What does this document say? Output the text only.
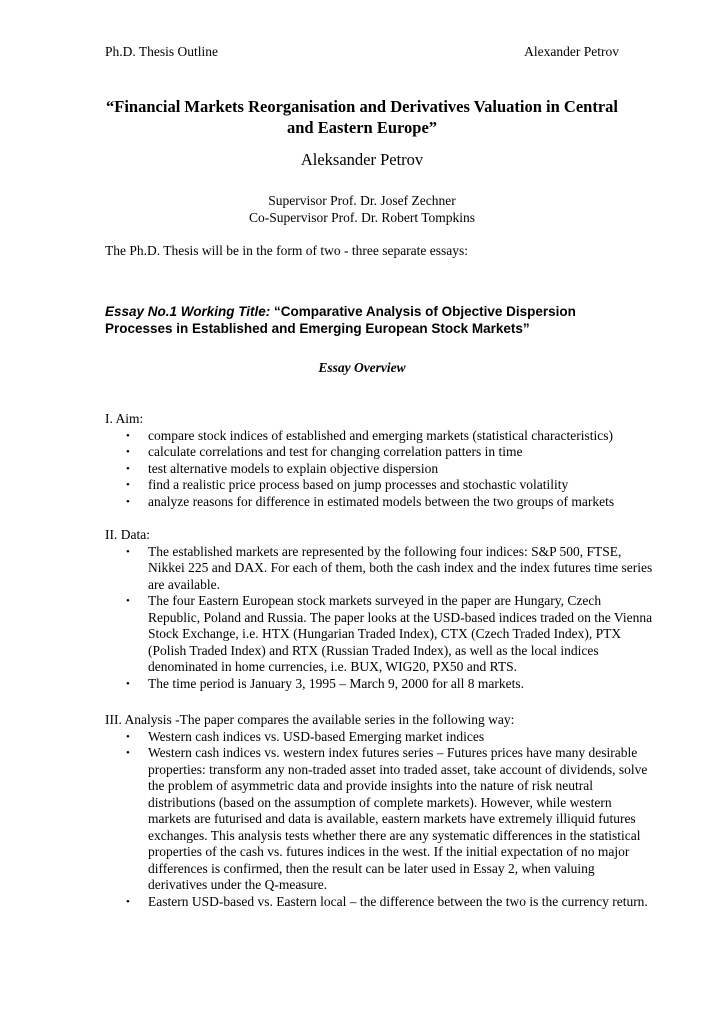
Ph.D. Thesis Outline	Alexander Petrov
“Financial Markets Reorganisation and Derivatives Valuation in Central and Eastern Europe”
Aleksander Petrov
Supervisor Prof. Dr. Josef Zechner
Co-Supervisor Prof. Dr. Robert Tompkins
The Ph.D. Thesis will be in the form of two - three separate essays:
Essay No.1 Working Title: “Comparative Analysis of Objective Dispersion Processes in Established and Emerging European Stock Markets”
Essay Overview

I. Aim:

• compare stock indices of established and emerging markets (statistical characteristics)
• calculate correlations and test for changing correlation patters in time
• test alternative models to explain objective dispersion
• find a realistic price process based on jump processes and stochastic volatility
• analyze reasons for difference in estimated models between the two groups of markets

II. Data:

• The established markets are represented by the following four indices: S&P 500, FTSE, Nikkei 225 and DAX. For each of them, both the cash index and the index futures time series are available.
• The four Eastern European stock markets surveyed in the paper are Hungary, Czech Republic, Poland and Russia. The paper looks at the USD-based indices traded on the Vienna Stock Exchange, i.e. HTX (Hungarian Traded Index), CTX (Czech Traded Index), PTX (Polish Traded Index) and RTX (Russian Traded Index), as well as the local indices denominated in home currencies, i.e. BUX, WIG20, PX50 and RTS.
• The time period is January 3, 1995 – March 9, 2000 for all 8 markets.

III. Analysis -The paper compares the available series in the following way:

• Western cash indices vs. USD-based Emerging market indices
• Western cash indices vs. western index futures series – Futures prices have many desirable properties: transform any non-traded asset into traded asset, take account of dividends, solve the problem of asymmetric data and provide insights into the nature of risk neutral distributions (based on the assumption of complete markets). However, while western markets are futurised and data is available, eastern markets have extremely illiquid futures exchanges. This analysis tests whether there are any systematic differences in the statistical properties of the cash vs. futures indices in the west. If the initial expectation of no major differences is confirmed, then the result can be later used in Essay 2, when valuing derivatives under the Q-measure.
• Eastern USD-based vs. Eastern local – the difference between the two is the currency return.
